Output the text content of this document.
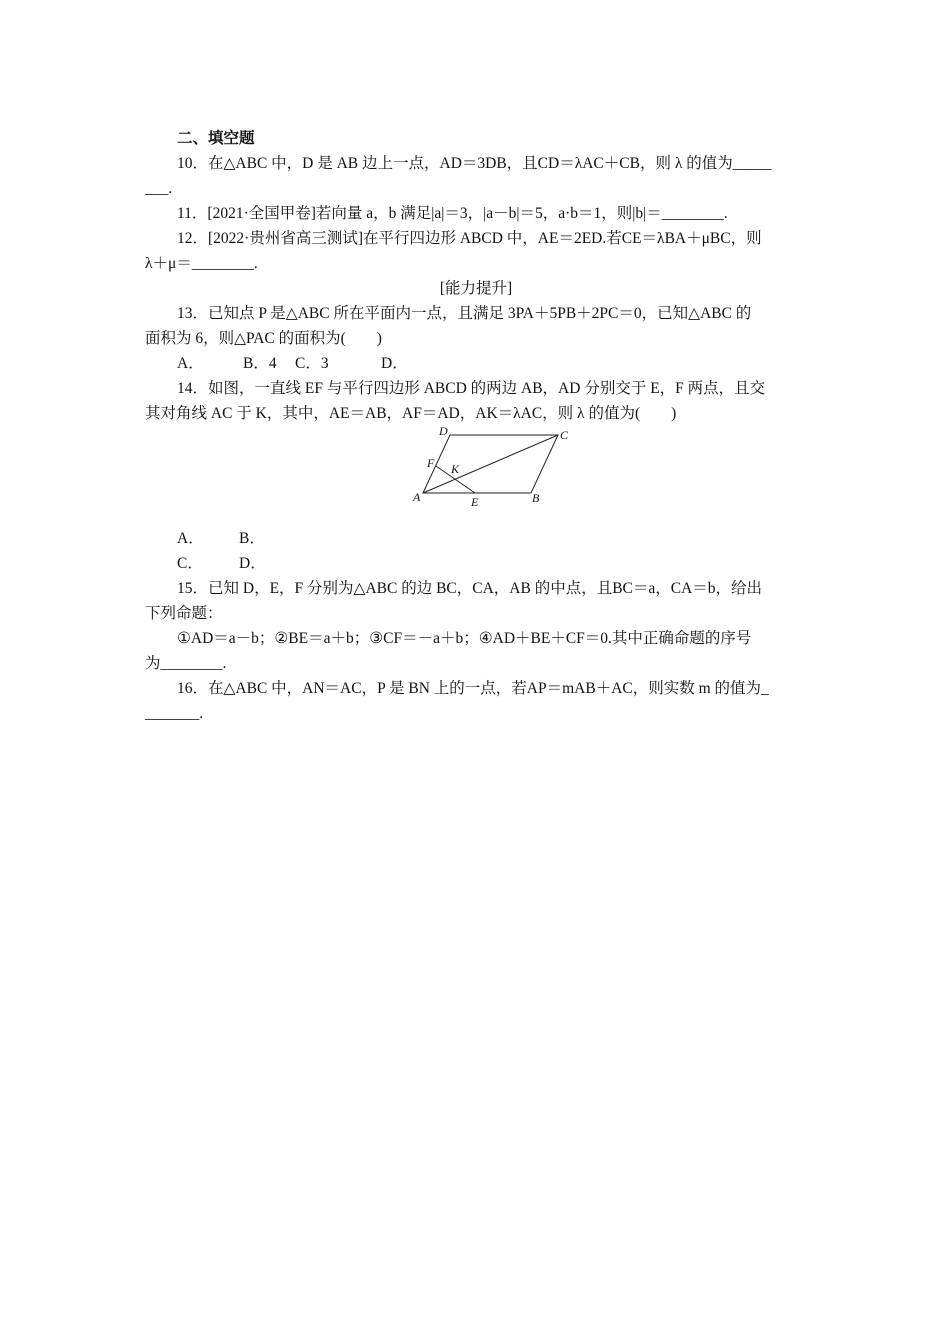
二、填空题
10．在△ABC 中，D 是 AB 边上一点，AD＝3DB，且CD＝λAC＋CB，则 λ 的值为_____
___.
11．[2021·全国甲卷]若向量 a，b 满足|a|＝3，|a－b|＝5，a·b＝1，则|b|＝________.
12．[2022·贵州省高三测试]在平行四边形 ABCD 中，AE＝2ED.若CE＝λBA＋μBC，则
λ＋μ＝________.
[能力提升]
13．已知点 P 是△ABC 所在平面内一点，且满足 3PA＋5PB＋2PC＝0，已知△ABC 的
面积为 6，则△PAC 的面积为(　　)
A．	B．4	C．3	D．
14．如图，一直线 EF 与平行四边形 ABCD 的两边 AB，AD 分别交于 E，F 两点，且交
其对角线 AC 于 K，其中，AE＝AB，AF＝AD，AK＝λAC，则 λ 的值为(　　)
A．	B．
C．	D．
15．已知 D，E，F 分别为△ABC 的边 BC，CA，AB 的中点，且BC＝a，CA＝b，给出
下列命题：
①AD＝a－b；②BE＝a＋b；③CF＝－a＋b；④AD＋BE＋CF＝0.其中正确命题的序号
为________.
16．在△ABC 中，AN＝AC，P 是 BN 上的一点，若AP＝mAB＋AC，则实数 m 的值为_
_______.
A	B
C
D
E
F K
